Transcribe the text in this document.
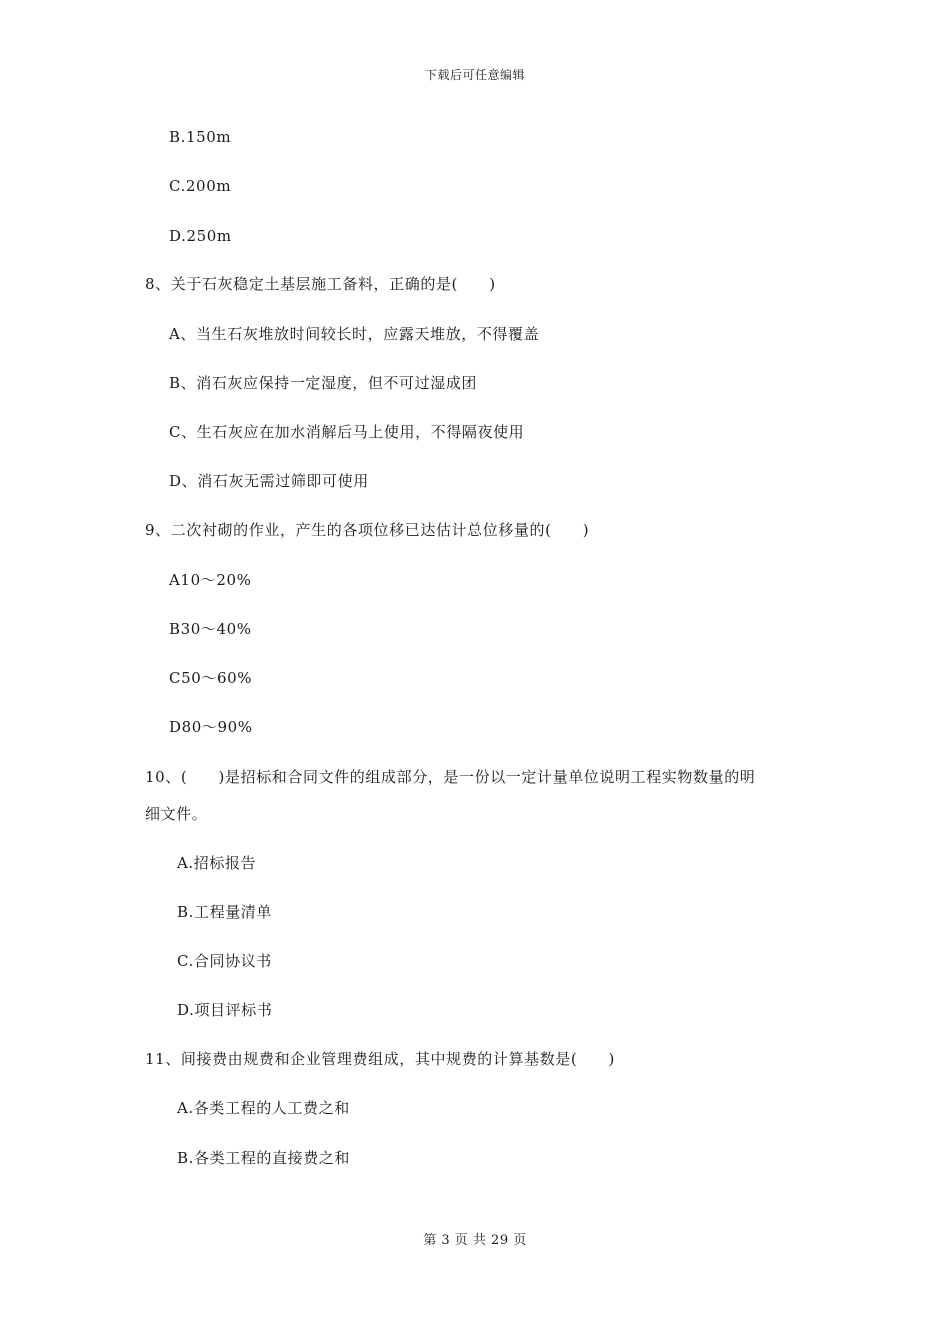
下载后可任意编辑
B.150m
C.200m
D.250m
8、关于石灰稳定土基层施工备料，正确的是(　　)
A、当生石灰堆放时间较长时，应露天堆放，不得覆盖
B、消石灰应保持一定湿度，但不可过湿成团
C、生石灰应在加水消解后马上使用，不得隔夜使用
D、消石灰无需过筛即可使用
9、二次衬砌的作业，产生的各项位移已达估计总位移量的(　　)
A10～20%
B30～40%
C50～60%
D80～90%
10、(　　)是招标和合同文件的组成部分，是一份以一定计量单位说明工程实物数量的明
细文件。
A.招标报告
B.工程量清单
C.合同协议书
D.项目评标书
11、间接费由规费和企业管理费组成，其中规费的计算基数是(　　)
A.各类工程的人工费之和
B.各类工程的直接费之和
第 3 页 共 29 页
